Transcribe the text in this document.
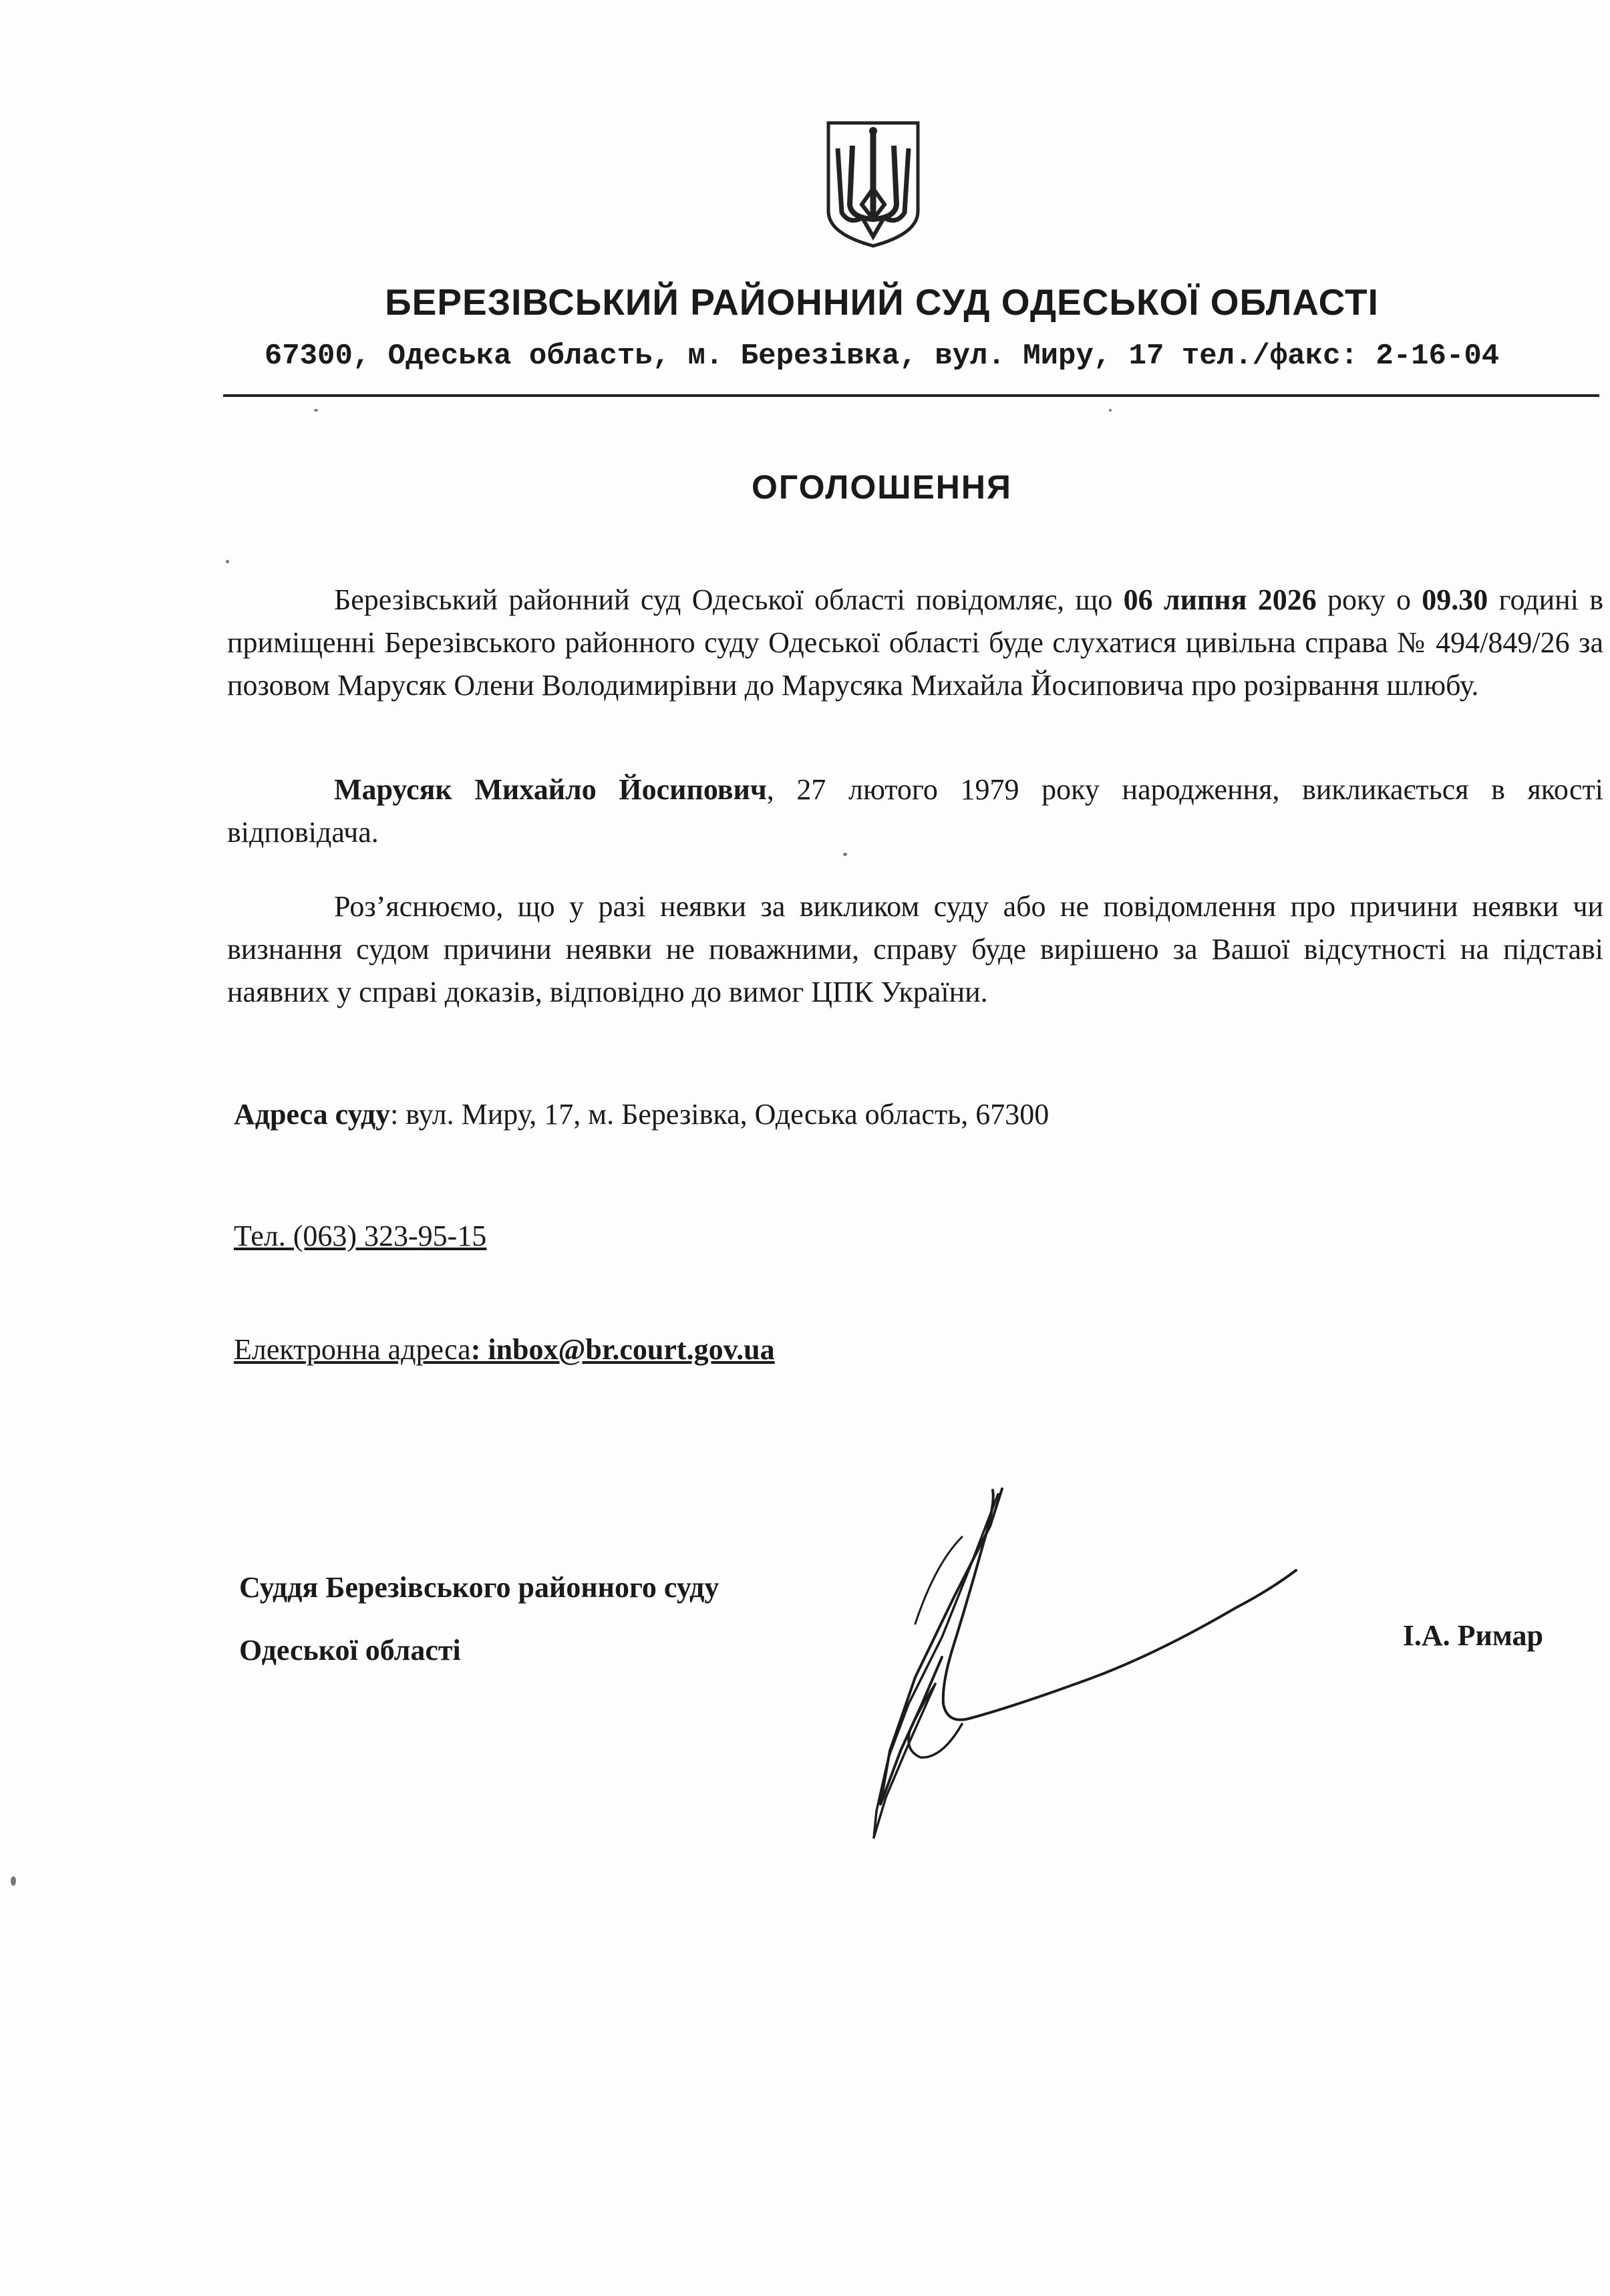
БЕРЕЗІВСЬКИЙ РАЙОННИЙ СУД ОДЕСЬКОЇ ОБЛАСТІ
67300, Одеська область, м. Березівка, вул. Миру, 17 тел./факс: 2-16-04
ОГОЛОШЕННЯ

Березівський районний суд Одеської області повідомляє, що 06 липня 2026 року о 09.30 годині в приміщенні Березівського районного суду Одеської області буде слухатися цивільна справа № 494/849/26 за позовом Марусяк Олени Володимирівни до Марусяка Михайла Йосиповича про розірвання шлюбу.

Марусяк Михайло Йосипович, 27 лютого 1979 року народження, викликається в якості відповідача.

Роз’яснюємо, що у разі неявки за викликом суду або не повідомлення про причини неявки чи визнання судом причини неявки не поважними, справу буде вирішено за Вашої відсутності на підставі наявних у справі доказів, відповідно до вимог ЦПК України.

Адреса суду: вул. Миру, 17, м. Березівка, Одеська область, 67300
Тел. (063) 323-95-15
Електронна адреса: inbox@br.court.gov.ua
Суддя Березівського районного суду
Одеської області	І.А. Римар
